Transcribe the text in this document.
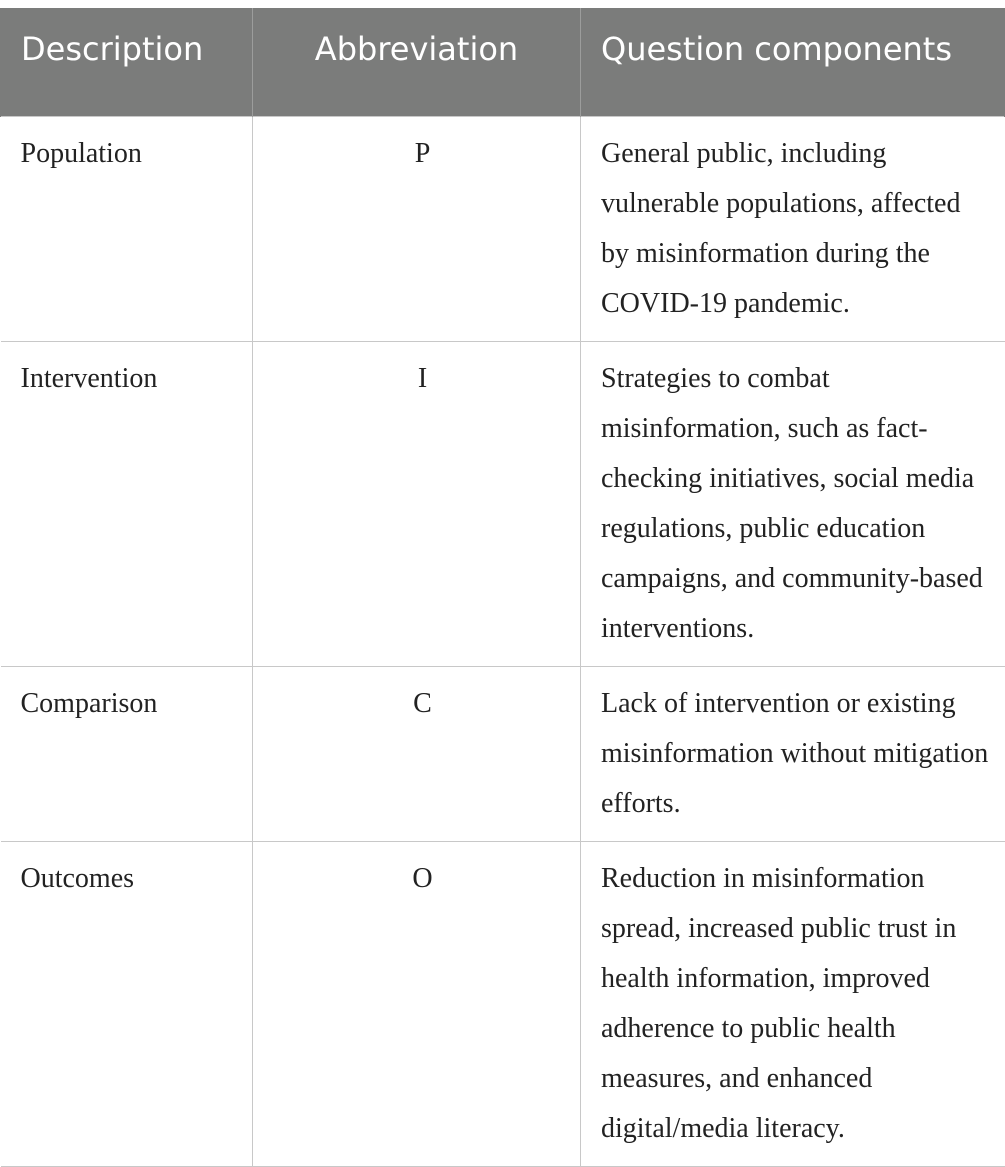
Description	Abbreviation	Question components
Population	P	General public, including vulnerable populations, affected by misinformation during the COVID-19 pandemic.
Intervention	I	Strategies to combat misinformation, such as fact-checking initiatives, social media regulations, public education campaigns, and community-based interventions.
Comparison	C	Lack of intervention or existing misinformation without mitigation efforts.
Outcomes	O	Reduction in misinformation spread, increased public trust in health information, improved adherence to public health measures, and enhanced digital/media literacy.
